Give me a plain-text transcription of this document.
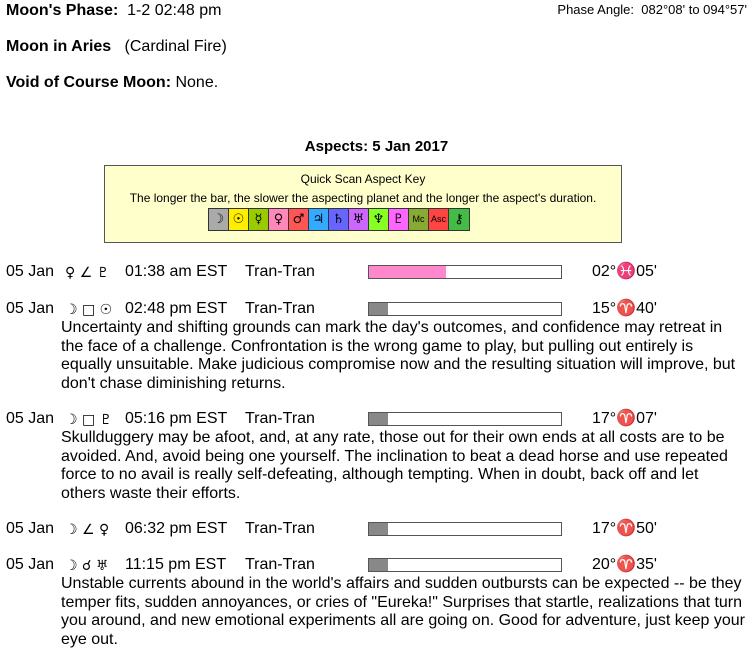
Moon's Phase: 1-2 02:48 pm	Phase Angle: 082°08' to 094°57'
Moon in Aries (Cardinal Fire)
Void of Course Moon: None.
Aspects: 5 Jan 2017
Quick Scan Aspect Key
The longer the bar, the slower the aspecting planet and the longer the aspect's duration.
☽ ☉ ☿ ♀ ♂ ♃ ♄ ♅ ♆ ♇ Mc Asc ⚷
05 Jan ♀ ∠ ♇ 01:38 am EST Tran-Tran	02°♓05'
05 Jan ☽ □ ☉ 02:48 pm EST Tran-Tran	15°♈40'
Uncertainty and shifting grounds can mark the day's outcomes, and confidence may retreat in the face of a challenge. Confrontation is the wrong game to play, but pulling out entirely is equally unsuitable. Make judicious compromise now and the resulting situation will improve, but don't chase diminishing returns.
05 Jan ☽ □ ♇ 05:16 pm EST Tran-Tran	17°♈07'
Skullduggery may be afoot, and, at any rate, those out for their own ends at all costs are to be avoided. And, avoid being one yourself. The inclination to beat a dead horse and use repeated force to no avail is really self-defeating, although tempting. When in doubt, back off and let others waste their efforts.
05 Jan ☽ ∠ ♀ 06:32 pm EST Tran-Tran	17°♈50'
05 Jan ☽ ☌ ♅ 11:15 pm EST Tran-Tran	20°♈35'
Unstable currents abound in the world's affairs and sudden outbursts can be expected -- be they temper fits, sudden annoyances, or cries of "Eureka!" Surprises that startle, realizations that turn you around, and new emotional experiments all are going on. Good for adventure, just keep your eye out.
